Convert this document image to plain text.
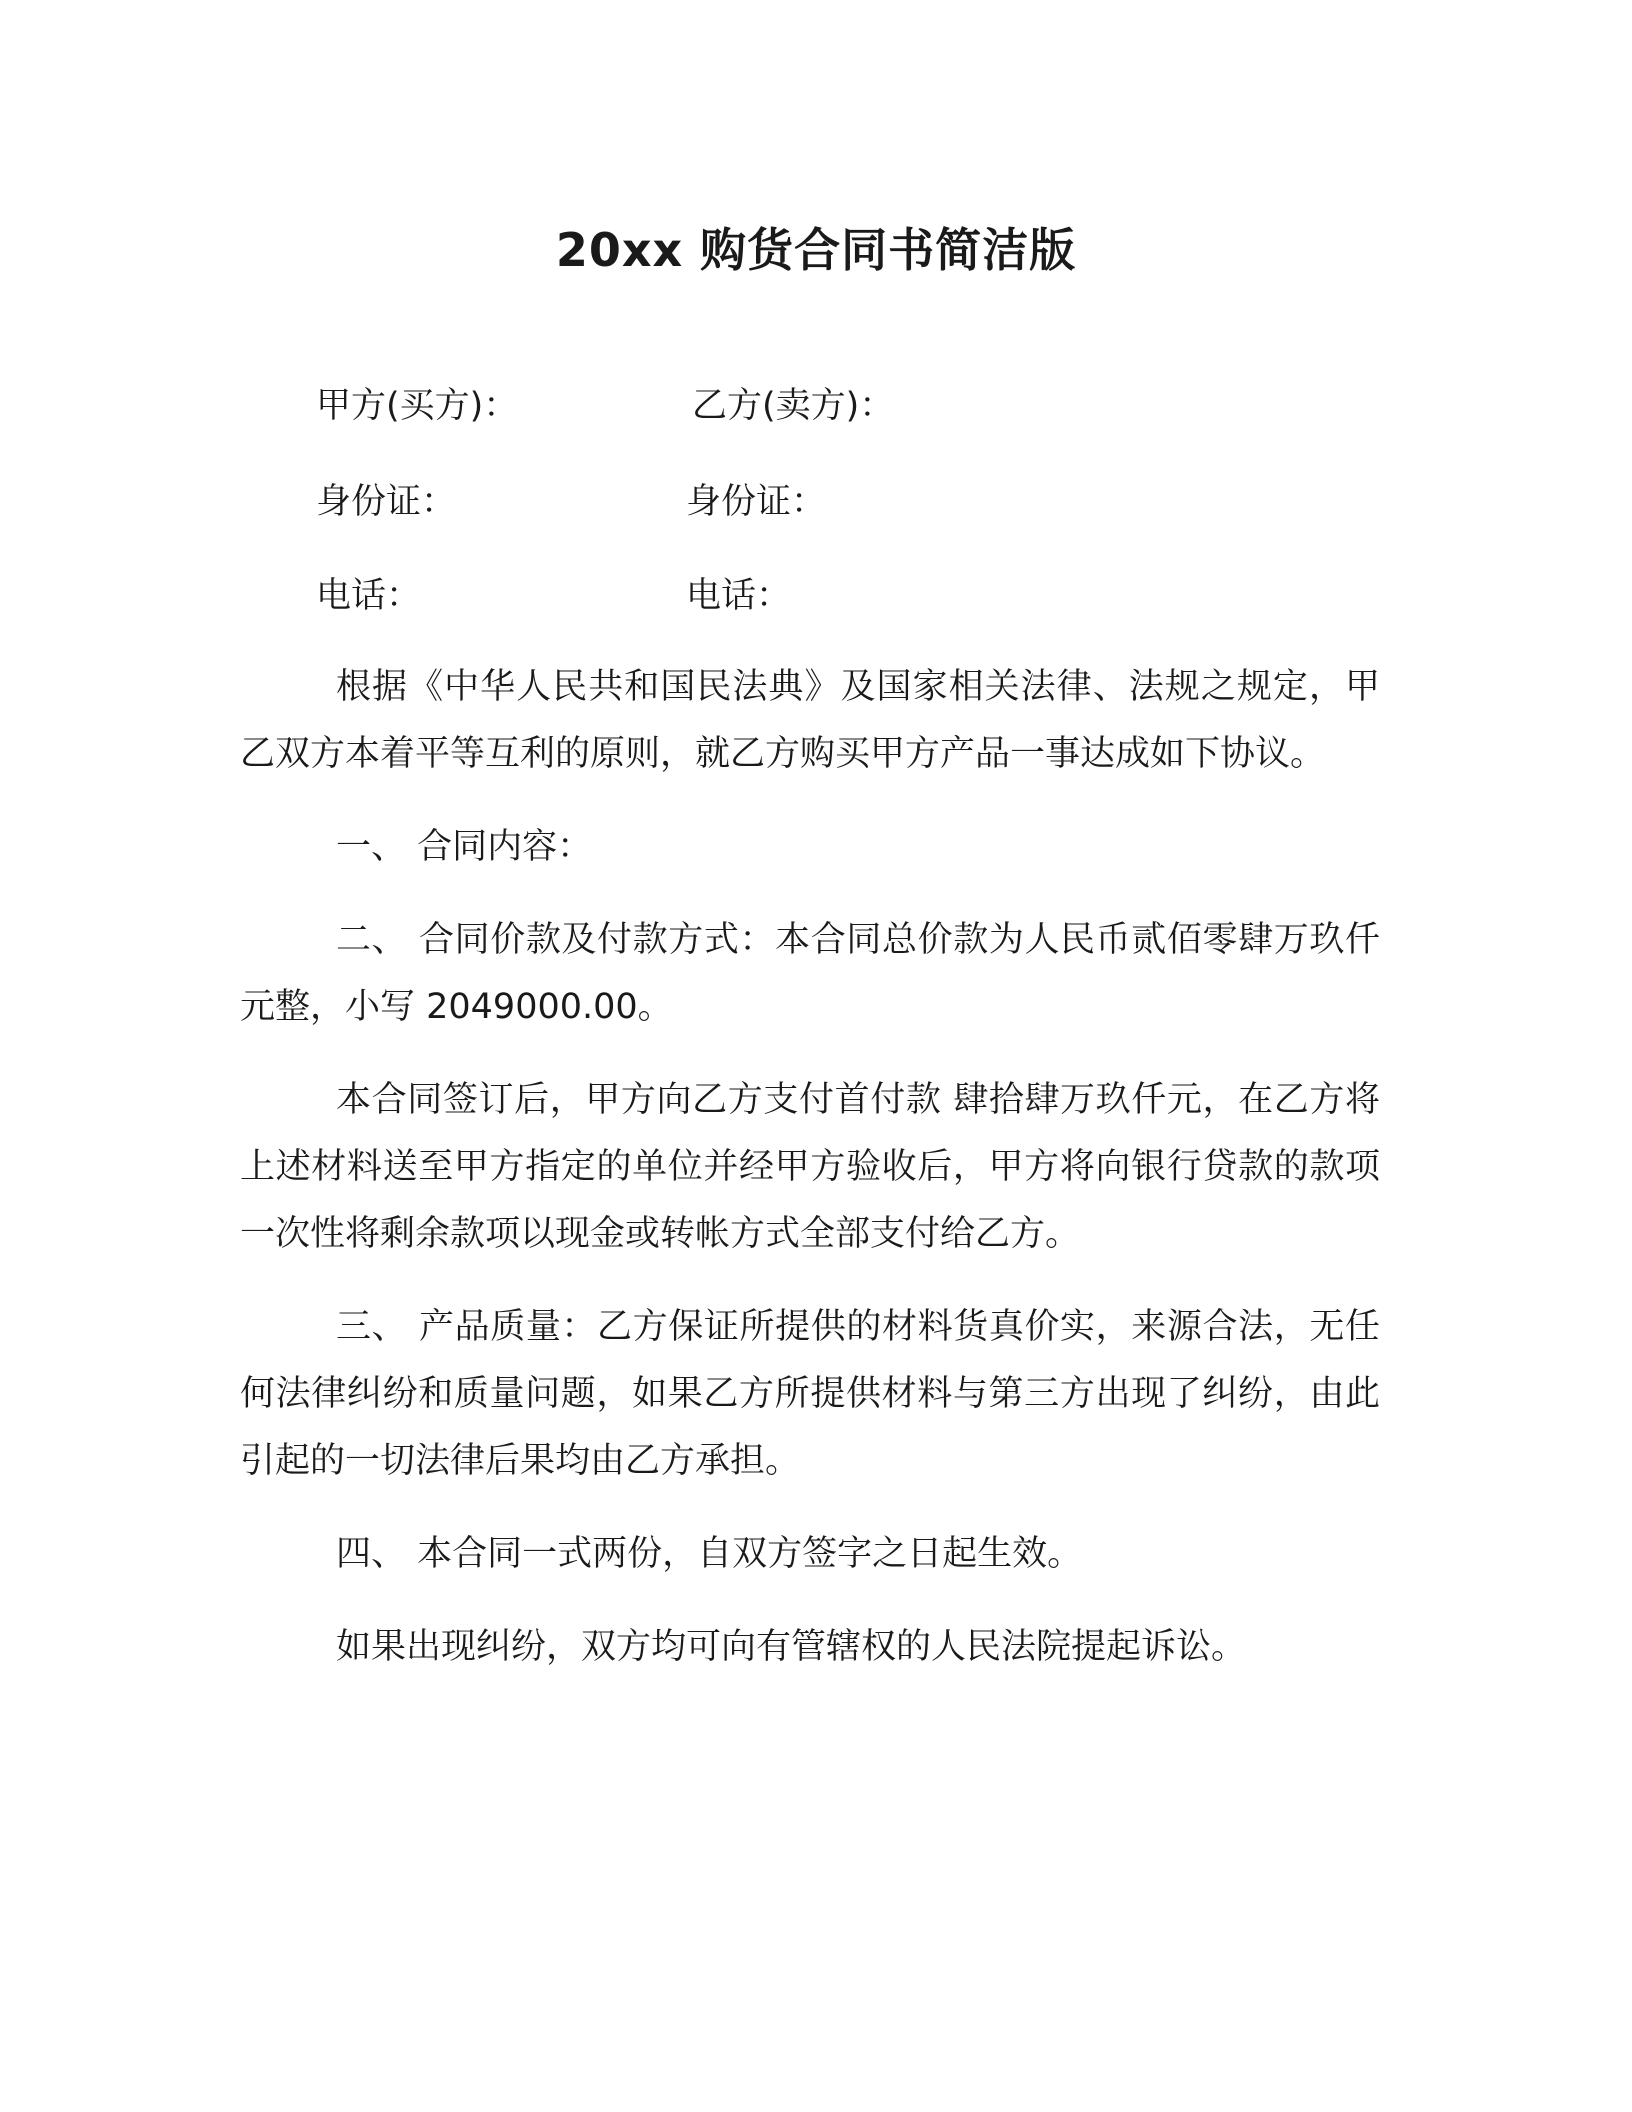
20xx 购货合同书简洁版
甲方(买方)：	乙方(卖方)：
身份证：	身份证：
电话：	电话：

根据《中华人民共和国民法典》及国家相关法律、法规之规定，甲乙双方本着平等互利的原则，就乙方购买甲方产品一事达成如下协议。

一、 合同内容：

二、 合同价款及付款方式：本合同总价款为人民币贰佰零肆万玖仟元整，小写 2049000.00。

本合同签订后，甲方向乙方支付首付款 肆拾肆万玖仟元，在乙方将上述材料送至甲方指定的单位并经甲方验收后，甲方将向银行贷款的款项一次性将剩余款项以现金或转帐方式全部支付给乙方。

三、 产品质量：乙方保证所提供的材料货真价实，来源合法，无任何法律纠纷和质量问题，如果乙方所提供材料与第三方出现了纠纷，由此引起的一切法律后果均由乙方承担。

四、 本合同一式两份，自双方签字之日起生效。

如果出现纠纷，双方均可向有管辖权的人民法院提起诉讼。
